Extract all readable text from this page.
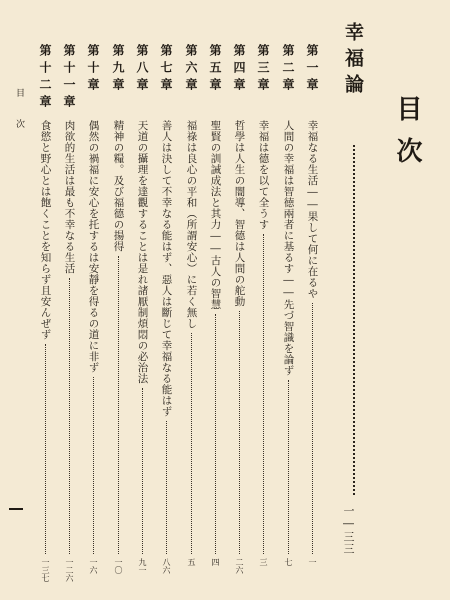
目次
幸福論
一―三三
第一章
幸福なる生活――果して何に在るや
一
第二章
人間の幸福は智徳兩者に基るす――先づ智識を論ず
七
第三章
幸福は德を以て全うす
三
第四章
哲學は人生の闇導、智德は人間の舵動
二六
第五章
聖賢の訓誡成法と其力――古人の智慧
四
第六章
福祿は良心の平和（所謂安心）に若く無し
五
第七章
善人は決して不幸なる能はず、惡人は斷じて幸福なる能はず
八六
第八章
天道の攝理を達觀することは是れ諸厭制煩悶の必治法
九一
第九章
精神の糧。及び福德の揚得
一〇
第十章
偶然の禍福に安心を托するは安靜を得るの道に非ず
一六
第十一章
肉欲的生活は最も不幸なる生活
一二六
第十二章
食慾と野心とは飽くことを知らず且安んぜず
一三七
目次
